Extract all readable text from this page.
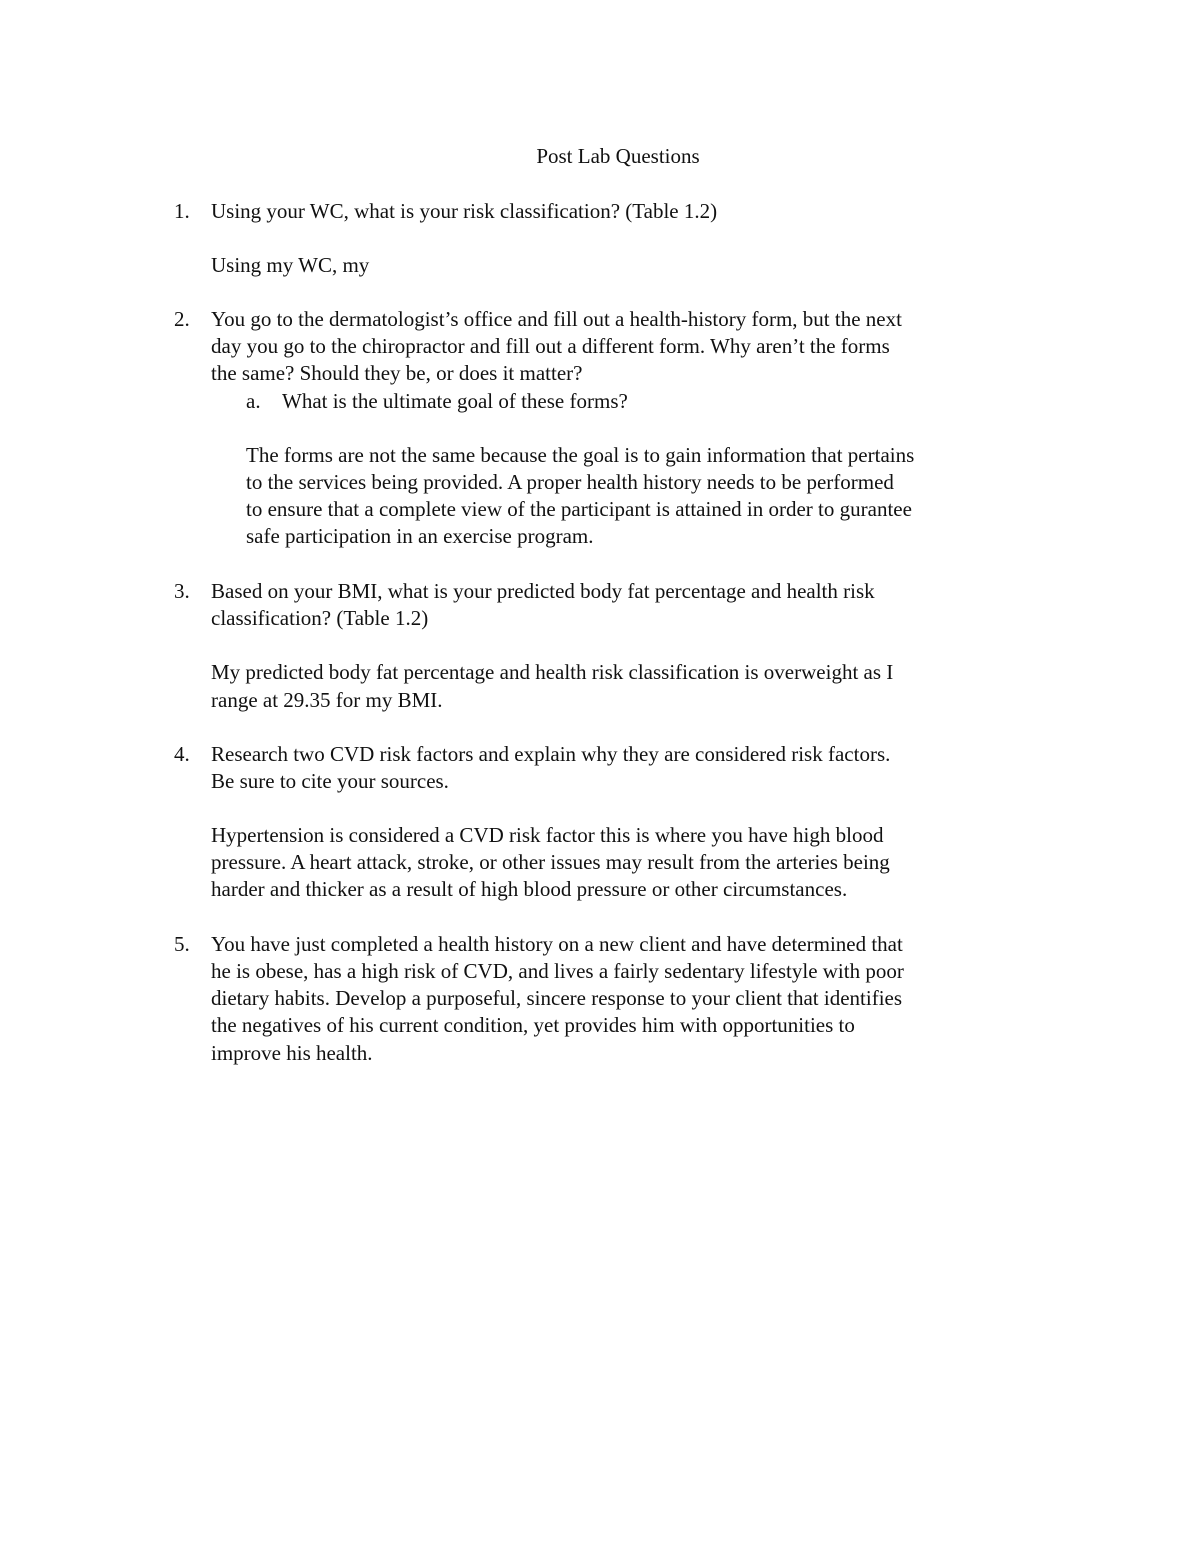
Post Lab Questions
1. Using your WC, what is your risk classification? (Table 1.2)
Using my WC, my
2. You go to the dermatologist’s office and fill out a health-history form, but the next
day you go to the chiropractor and fill out a different form. Why aren’t the forms
the same? Should they be, or does it matter?
a. What is the ultimate goal of these forms?
The forms are not the same because the goal is to gain information that pertains
to the services being provided. A proper health history needs to be performed
to ensure that a complete view of the participant is attained in order to gurantee
safe participation in an exercise program.
3. Based on your BMI, what is your predicted body fat percentage and health risk
classification? (Table 1.2)
My predicted body fat percentage and health risk classification is overweight as I
range at 29.35 for my BMI.
4. Research two CVD risk factors and explain why they are considered risk factors.
Be sure to cite your sources.
Hypertension is considered a CVD risk factor this is where you have high blood
pressure. A heart attack, stroke, or other issues may result from the arteries being
harder and thicker as a result of high blood pressure or other circumstances.
5. You have just completed a health history on a new client and have determined that
he is obese, has a high risk of CVD, and lives a fairly sedentary lifestyle with poor
dietary habits. Develop a purposeful, sincere response to your client that identifies
the negatives of his current condition, yet provides him with opportunities to
improve his health.
